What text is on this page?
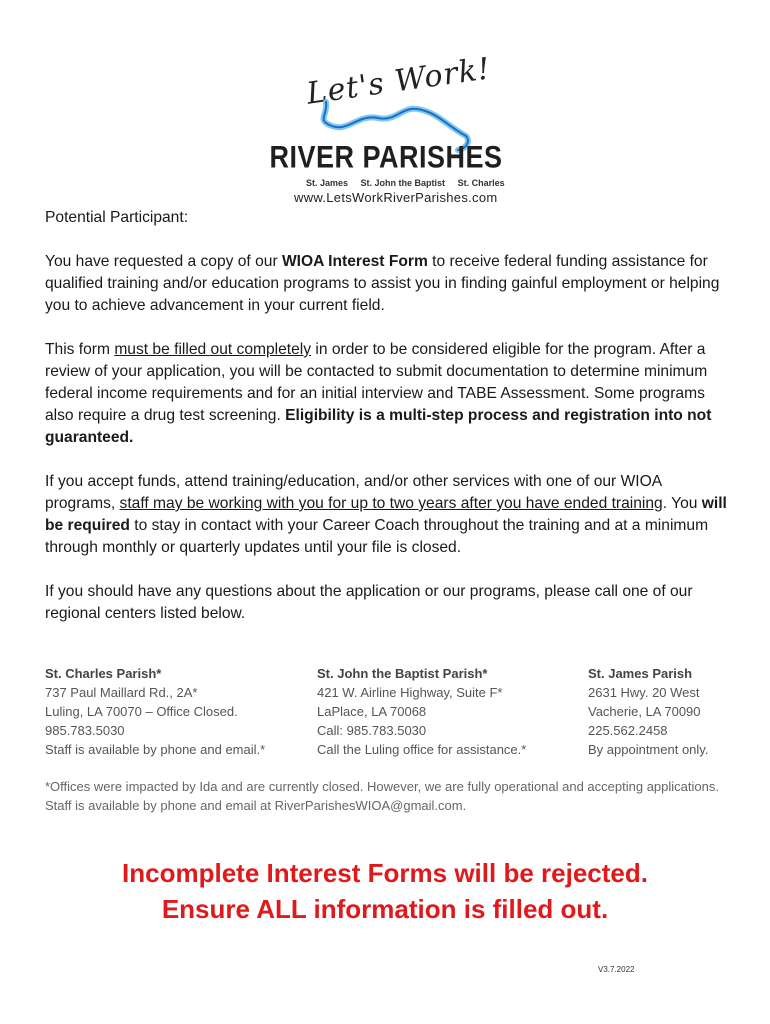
Let's Work!
RIVER PARISHES
St. James St. John the Baptist St. Charles
www.LetsWorkRiverParishes.com

Potential Participant:

You have requested a copy of our WIOA Interest Form to receive federal funding assistance for qualified training and/or education programs to assist you in finding gainful employment or helping you to achieve advancement in your current field.

This form must be filled out completely in order to be considered eligible for the program. After a review of your application, you will be contacted to submit documentation to determine minimum federal income requirements and for an initial interview and TABE Assessment. Some programs also require a drug test screening. Eligibility is a multi-step process and registration into not guaranteed.

If you accept funds, attend training/education, and/or other services with one of our WIOA programs, staff may be working with you for up to two years after you have ended training. You will be required to stay in contact with your Career Coach throughout the training and at a minimum through monthly or quarterly updates until your file is closed.

If you should have any questions about the application or our programs, please call one of our regional centers listed below.

St. Charles Parish*
737 Paul Maillard Rd., 2A*
Luling, LA 70070 – Office Closed.
985.783.5030
Staff is available by phone and email.*
St. John the Baptist Parish*
421 W. Airline Highway, Suite F*
LaPlace, LA 70068
Call: 985.783.5030
Call the Luling office for assistance.*
St. James Parish
2631 Hwy. 20 West
Vacherie, LA 70090
225.562.2458
By appointment only.
*Offices were impacted by Ida and are currently closed. However, we are fully operational and accepting applications. Staff is available by phone and email at RiverParishesWIOA@gmail.com.
Incomplete Interest Forms will be rejected.
Ensure ALL information is filled out.
V3.7.2022
